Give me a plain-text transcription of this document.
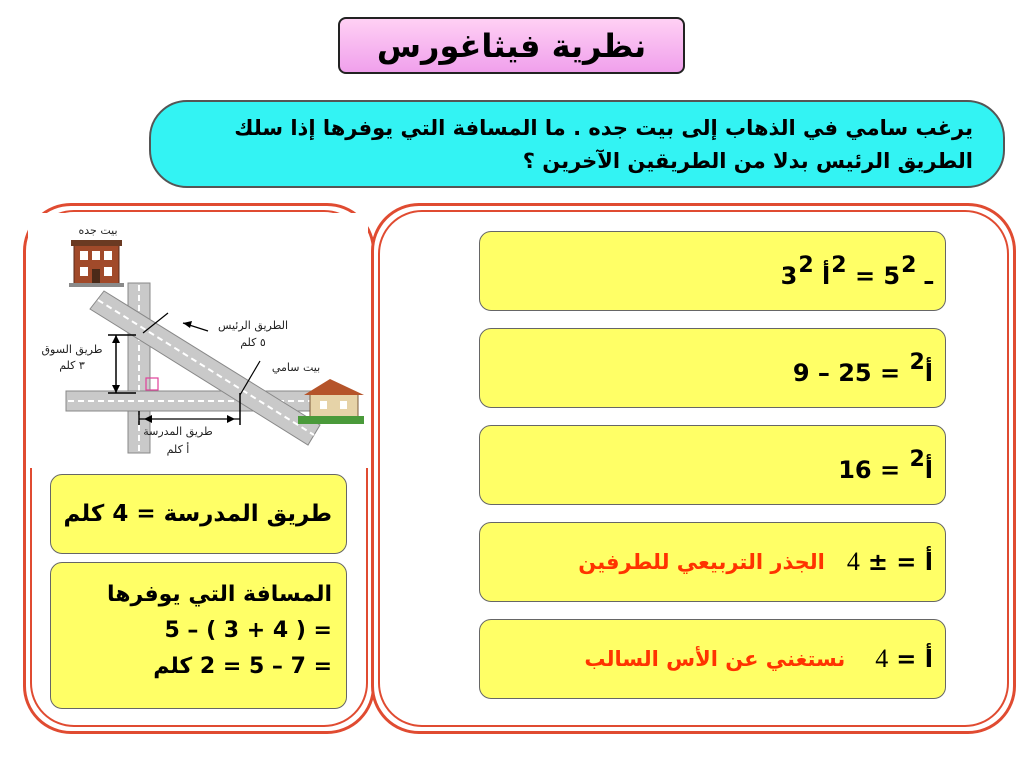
نظرية فيثاغورس
يرغب سامي في الذهاب إلى بيت جده . ما المسافة التي يوفرها إذا سلك
الطريق الرئيس بدلا من الطريقين الآخرين ؟
بيت جده
بيت سامي
طريق السوق
٣ كلم
طريق المدرسة
أ كلم
الطريق الرئيس
٥ كلم
طريق المدرسة = 4 كلم
المسافة التي يوفرها
= ( 4 + 3 ) – 5
= 7 – 5 = 2 كلم
$3^2$ ـ $5^2$ = $^2$أ
9 – 25 = $^2$أ
16 = $^2$أ
أ = ±
4
الجذر التربيعي للطرفين
أ =
4
نستغني عن الأس السالب
